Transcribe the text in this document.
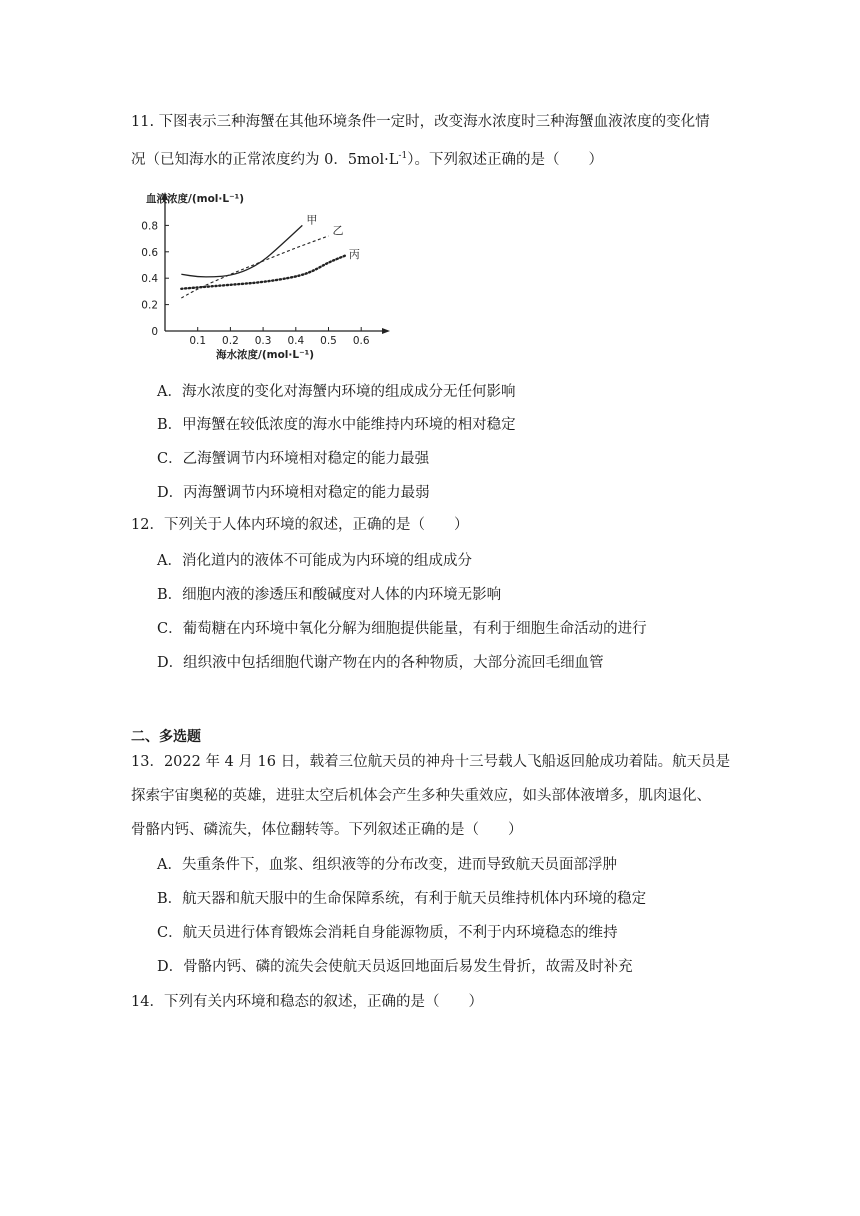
11. 下图表示三种海蟹在其他环境条件一定时，改变海水浓度时三种海蟹血液浓度的变化情
况（已知海水的正常浓度约为 0．$5mol\cdot L^{-1}$）。下列叙述正确的是（　　）
0.1 0.2 0.3 0.4 0.5 0.6
0
0.2
0.4
0.6
0.8
血液浓度/(mol·L⁻¹)
海水浓度/(mol·L⁻¹)
甲
乙
丙
A．海水浓度的变化对海蟹内环境的组成成分无任何影响
B．甲海蟹在较低浓度的海水中能维持内环境的相对稳定
C．乙海蟹调节内环境相对稳定的能力最强
D．丙海蟹调节内环境相对稳定的能力最弱
12．下列关于人体内环境的叙述，正确的是（　　）
A．消化道内的液体不可能成为内环境的组成成分
B．细胞内液的渗透压和酸碱度对人体的内环境无影响
C．葡萄糖在内环境中氧化分解为细胞提供能量，有利于细胞生命活动的进行
D．组织液中包括细胞代谢产物在内的各种物质，大部分流回毛细血管
二、多选题
13．2022 年 4 月 16 日，载着三位航天员的神舟十三号载人飞船返回舱成功着陆。航天员是
探索宇宙奥秘的英雄，进驻太空后机体会产生多种失重效应，如头部体液增多，肌肉退化、
骨骼内钙、磷流失，体位翻转等。下列叙述正确的是（　　）
A．失重条件下，血浆、组织液等的分布改变，进而导致航天员面部浮肿
B．航天器和航天服中的生命保障系统，有利于航天员维持机体内环境的稳定
C．航天员进行体育锻炼会消耗自身能源物质，不利于内环境稳态的维持
D．骨骼内钙、磷的流失会使航天员返回地面后易发生骨折，故需及时补充
14．下列有关内环境和稳态的叙述，正确的是（　　）
